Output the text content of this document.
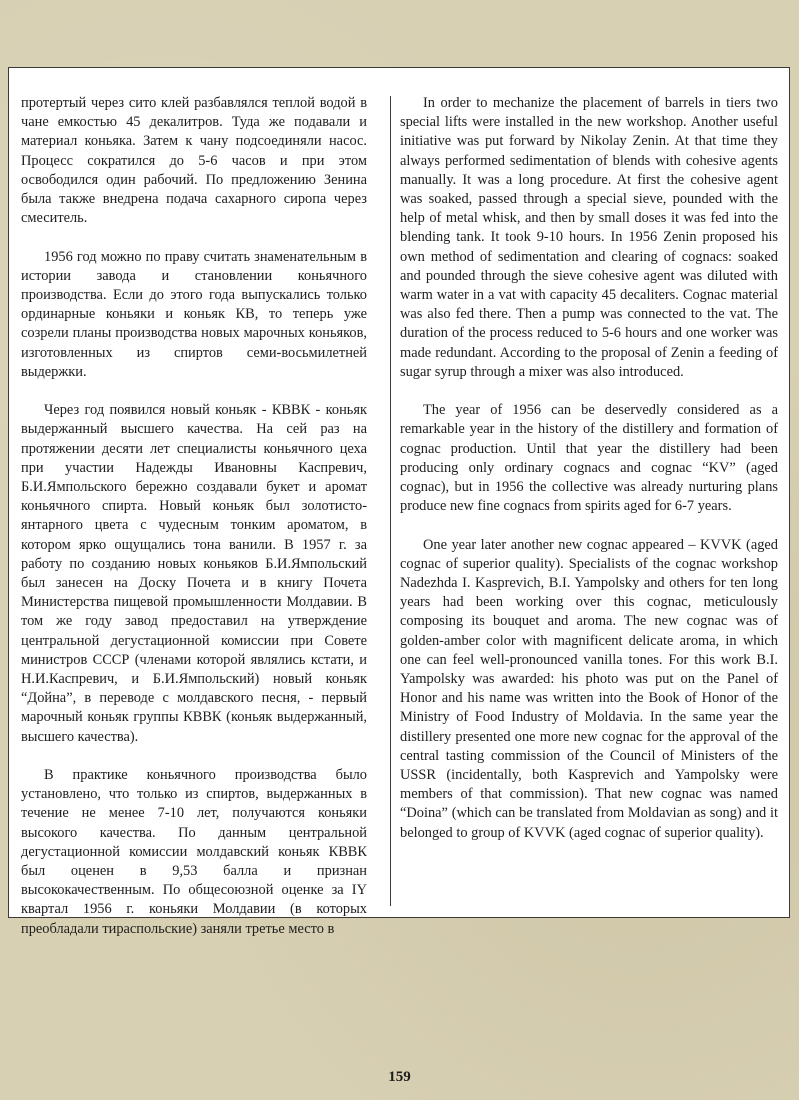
протертый через сито клей разбавлялся теплой водой в чане емкостью 45 декалитров. Туда же подавали и материал коньяка. Затем к чану подсоединяли насос. Процесс сократился до 5-6 часов и при этом освободился один рабочий. По предложению Зенина была также внедрена подача сахарного сиропа через смеситель.

1956 год можно по праву считать знаменательным в истории завода и становлении коньячного производства. Если до этого года выпускались только ординарные коньяки и коньяк КВ, то теперь уже созрели планы производства новых марочных коньяков, изготовленных из спиртов семи-восьмилетней выдержки.

Через год появился новый коньяк - КВВК - коньяк выдержанный высшего качества. На сей раз на протяжении десяти лет специалисты коньячного цеха при участии Надежды Ивановны Каспревич, Б.И.Ямпольского бережно создавали букет и аромат коньячного спирта. Новый коньяк был золотисто-янтарного цвета с чудесным тонким ароматом, в котором ярко ощущались тона ванили. В 1957 г. за работу по созданию новых коньяков Б.И.Ямпольский был занесен на Доску Почета и в книгу Почета Министерства пищевой промышленности Молдавии. В том же году завод предоставил на утверждение центральной дегустационной комиссии при Совете министров СССР (членами которой являлись кстати, и Н.И.Каспревич, и Б.И.Ямпольский) новый коньяк “Дойна”, в переводе с молдавского песня, - первый марочный коньяк группы КВВК (коньяк выдержанный, высшего качества).

В практике коньячного производства было установлено, что только из спиртов, выдержанных в течение не менее 7-10 лет, получаются коньяки высокого качества. По данным центральной дегустационной комиссии молдавский коньяк КВВК был оценен в 9,53 балла и признан высококачественным. По общесоюзной оценке за IY квартал 1956 г. коньяки Молдавии (в которых преобладали тираспольские) заняли третье место в

In order to mechanize the placement of barrels in tiers two special lifts were installed in the new workshop. Another useful initiative was put forward by Nikolay Zenin. At that time they always performed sedimentation of blends with cohesive agents manually. It was a long procedure. At first the cohesive agent was soaked, passed through a special sieve, pounded with the help of metal whisk, and then by small doses it was fed into the blending tank. It took 9-10 hours. In 1956 Zenin proposed his own method of sedimentation and clearing of cognacs: soaked and pounded through the sieve cohesive agent was diluted with warm water in a vat with capacity 45 decaliters. Cognac material was also fed there. Then a pump was connected to the vat. The duration of the process reduced to 5-6 hours and one worker was made redundant. According to the proposal of Zenin a feeding of sugar syrup through a mixer was also introduced.

The year of 1956 can be deservedly considered as a remarkable year in the history of the distillery and formation of cognac production. Until that year the distillery had been producing only ordinary cognacs and cognac “KV” (aged cognac), but in 1956 the collective was already nurturing plans produce new fine cognacs from spirits aged for 6-7 years.

One year later another new cognac appeared – KVVK (aged cognac of superior quality). Specialists of the cognac workshop Nadezhda I. Kasprevich, B.I. Yampolsky and others for ten long years had been working over this cognac, meticulously composing its bouquet and aroma. The new cognac was of golden-amber color with magnificent delicate aroma, in which one can feel well-pronounced vanilla tones. For this work B.I. Yampolsky was awarded: his photo was put on the Panel of Honor and his name was written into the Book of Honor of the Ministry of Food Industry of Moldavia. In the same year the distillery presented one more new cognac for the approval of the central tasting commission of the Council of Ministers of the USSR (incidentally, both Kasprevich and Yampolsky were members of that commission). That new cognac was named “Doina” (which can be translated from Moldavian as song) and it belonged to group of KVVK (aged cognac of superior quality).

159
